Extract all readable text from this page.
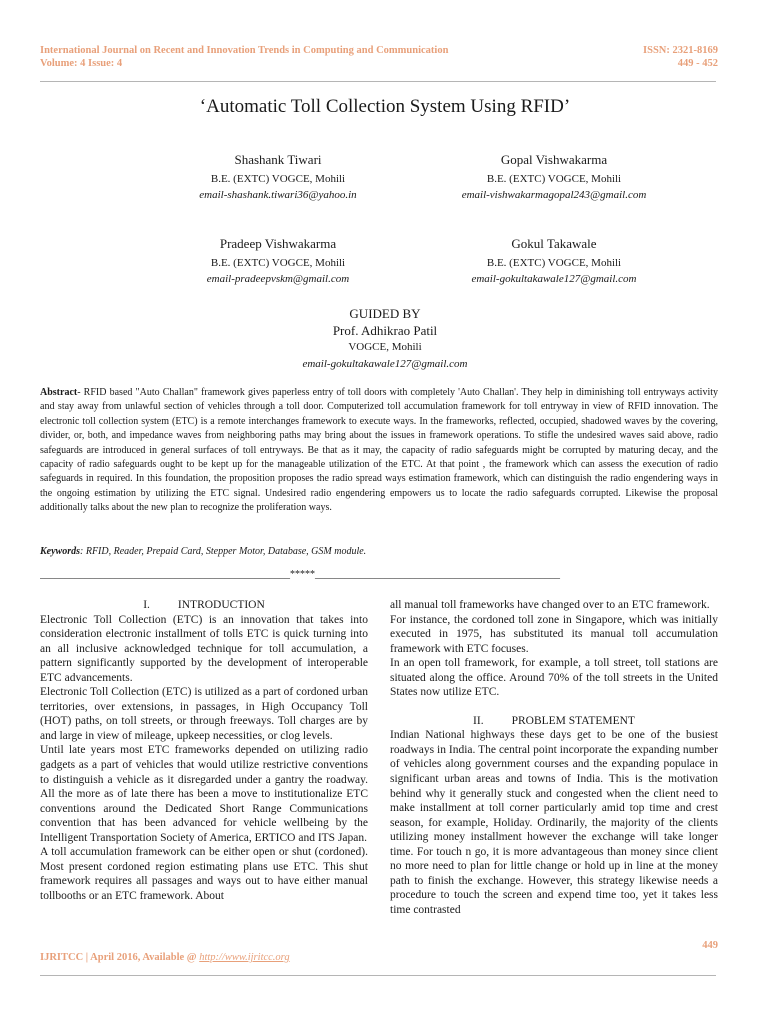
International Journal on Recent and Innovation Trends in Computing and Communication
Volume: 4 Issue: 4
ISSN: 2321-8169
449 - 452
‘Automatic Toll Collection System Using RFID’
Shashank Tiwari
B.E. (EXTC) VOGCE, Mohili
email-shashank.tiwari36@yahoo.in
Gopal Vishwakarma
B.E. (EXTC) VOGCE, Mohili
email-vishwakarmagopal243@gmail.com
Pradeep Vishwakarma
B.E. (EXTC) VOGCE, Mohili
email-pradeepvskm@gmail.com
Gokul Takawale
B.E. (EXTC) VOGCE, Mohili
email-gokultakawale127@gmail.com
GUIDED BY
Prof. Adhikrao Patil
VOGCE, Mohili
email-gokultakawale127@gmail.com
Abstract- RFID based "Auto Challan" framework gives paperless entry of toll doors with completely 'Auto Challan'. They help in diminishing toll entryways activity and stay away from unlawful section of vehicles through a toll door. Computerized toll accumulation framework for toll entryway in view of RFID innovation. The electronic toll collection system (ETC) is a remote interchanges framework to execute ways. In the frameworks, reflected, occupied, shadowed waves by the covering, divider, or, both, and impedance waves from neighboring paths may bring about the issues in framework operations. To stifle the undesired waves said above, radio safeguards are introduced in general surfaces of toll entryways. Be that as it may, the capacity of radio safeguards might be corrupted by maturing decay, and the capacity of radio safeguards ought to be kept up for the manageable utilization of the ETC. At that point , the framework which can assess the execution of radio safeguards in required. In this foundation, the proposition proposes the radio spread ways estimation framework, which can distinguish the radio engendering ways in the ongoing estimation by utilizing the ETC signal. Undesired radio engendering empowers us to locate the radio safeguards corrupted. Likewise the proposal additionally talks about the new plan to recognize the proliferation ways.
Keywords: RFID, Reader, Prepaid Card, Stepper Motor, Database, GSM module.
__________________________________________________*****_________________________________________________

I. INTRODUCTION

Electronic Toll Collection (ETC) is an innovation that takes into consideration electronic installment of tolls ETC is quick turning into an all inclusive acknowledged technique for toll accumulation, a pattern significantly supported by the development of interoperable ETC advancements.

Electronic Toll Collection (ETC) is utilized as a part of cordoned urban territories, over extensions, in passages, in High Occupancy Toll (HOT) paths, on toll streets, or through freeways. Toll charges are by and large in view of mileage, upkeep necessities, or clog levels.

Until late years most ETC frameworks depended on utilizing radio gadgets as a part of vehicles that would utilize restrictive conventions to distinguish a vehicle as it disregarded under a gantry the roadway. All the more as of late there has been a move to institutionalize ETC conventions around the Dedicated Short Range Communications convention that has been advanced for vehicle wellbeing by the Intelligent Transportation Society of America, ERTICO and ITS Japan.

A toll accumulation framework can be either open or shut (cordoned). Most present cordoned region estimating plans use ETC. This shut framework requires all passages and ways out to have either manual tollbooths or an ETC framework. About

all manual toll frameworks have changed over to an ETC framework.

For instance, the cordoned toll zone in Singapore, which was initially executed in 1975, has substituted its manual toll accumulation framework with ETC focuses.

In an open toll framework, for example, a toll street, toll stations are situated along the office. Around 70% of the toll streets in the United States now utilize ETC.

II. PROBLEM STATEMENT

Indian National highways these days get to be one of the busiest roadways in India. The central point incorporate the expanding number of vehicles along government courses and the expanding populace in significant urban areas and towns of India. This is the motivation behind why it generally stuck and congested when the client need to make installment at toll corner particularly amid top time and crest season, for example, Holiday. Ordinarily, the majority of the clients utilizing money installment however the exchange will take longer time. For touch n go, it is more advantageous than money since client no more need to plan for little change or hold up in line at the money path to finish the exchange. However, this strategy likewise needs a procedure to touch the screen and expend time too, yet it takes less time contrasted

449
IJRITCC | April 2016, Available @ http://www.ijritcc.org
